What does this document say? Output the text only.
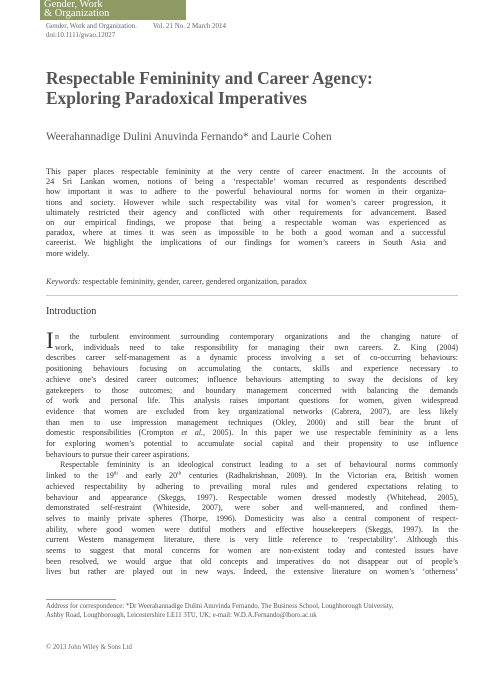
Gender, Work
& Organization
Gender, Work and Organization. Vol. 21 No. 2 March 2014
doi:10.1111/gwao.12027
Respectable Femininity and Career Agency:
Exploring Paradoxical Imperatives
Weerahannadige Dulini Anuvinda Fernando* and Laurie Cohen
This paper places respectable femininity at the very centre of career enactment. In the accounts of
24 Sri Lankan women, notions of being a ‘respectable’ woman recurred as respondents described
how important it was to adhere to the powerful behavioural norms for women in their organiza-
tions and society. However while such respectability was vital for women’s career progression, it
ultimately restricted their agency and conflicted with other requirements for advancement. Based
on our empirical findings, we propose that being a respectable woman was experienced as
paradox, where at times it was seen as impossible to be both a good woman and a successful
careerist. We highlight the implications of our findings for women’s careers in South Asia and
more widely.
Keywords: respectable femininity, gender, career, gendered organization, paradox
Introduction
I n the turbulent environment surrounding contemporary organizations and the changing nature of
work, individuals need to take responsibility for managing their own careers. Z. King (2004)
describes career self-management as a dynamic process involving a set of co-occurring behaviours:
positioning behaviours focusing on accumulating the contacts, skills and experience necessary to
achieve one’s desired career outcomes; influence behaviours attempting to sway the decisions of key
gatekeepers to those outcomes; and boundary management concerned with balancing the demands
of work and personal life. This analysis raises important questions for women, given widespread
evidence that women are excluded from key organizational networks (Cabrera, 2007), are less likely
than men to use impression management techniques (Okley, 2000) and still bear the brunt of
domestic responsibilities (Crompton et al., 2005). In this paper we use respectable femininity as a lens
for exploring women’s potential to accumulate social capital and their propensity to use influence
behaviours to pursue their career aspirations.
Respectable femininity is an ideological construct leading to a set of behavioural norms commonly
linked to the 19th and early 20th centuries (Radhakrishnan, 2009). In the Victorian era, British women
achieved respectability by adhering to prevailing moral rules and gendered expectations relating to
behaviour and appearance (Skeggs, 1997). Respectable women dressed modestly (Whitehead, 2005),
demonstrated self-restraint (Whiteside, 2007), were sober and well-mannered, and confined them-
selves to mainly private spheres (Thorpe, 1996). Domesticity was also a central component of respect-
ability, where good women were dutiful mothers and effective housekeepers (Skeggs, 1997). In the
current Western management literature, there is very little reference to ‘respectability’. Although this
seems to suggest that moral concerns for women are non-existent today and contested issues have
been resolved, we would argue that old concepts and imperatives do not disappear out of people’s
lives but rather are played out in new ways. Indeed, the extensive literature on women’s ‘otherness’
Address for correspondence: *Dr Weerahannadige Dulini Anuvinda Fernando, The Business School, Loughborough University,
Ashby Road, Loughborough, Leicestershire LE11 3TU, UK; e-mail: W.D.A.Fernando@lboro.ac.uk
© 2013 John Wiley & Sons Ltd
